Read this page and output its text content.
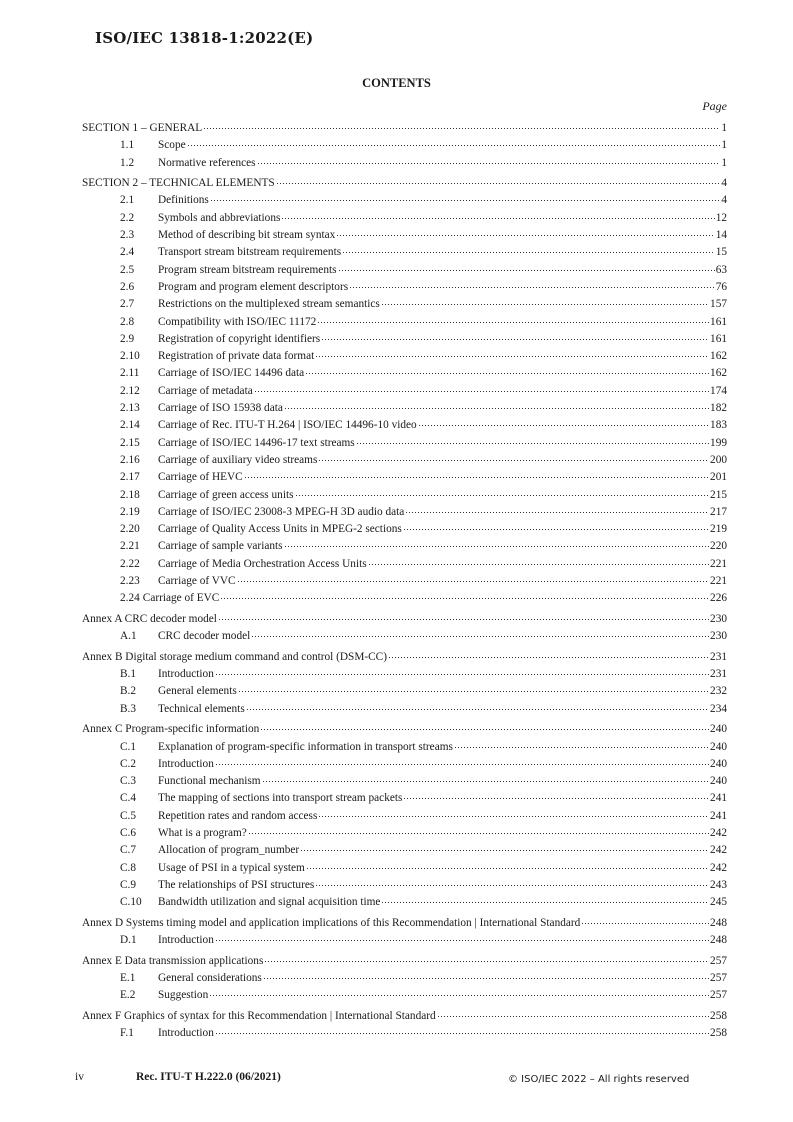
ISO/IEC 13818-1:2022(E)
CONTENTS
Page
SECTION 1 – GENERAL	1
1.1	Scope	1
1.2	Normative references	1
SECTION 2 – TECHNICAL ELEMENTS	4
2.1	Definitions	4
2.2	Symbols and abbreviations	12
2.3	Method of describing bit stream syntax	14
2.4	Transport stream bitstream requirements	15
2.5	Program stream bitstream requirements	63
2.6	Program and program element descriptors	76
2.7	Restrictions on the multiplexed stream semantics	157
2.8	Compatibility with ISO/IEC 11172	161
2.9	Registration of copyright identifiers	161
2.10	Registration of private data format	162
2.11	Carriage of ISO/IEC 14496 data	162
2.12	Carriage of metadata	174
2.13	Carriage of ISO 15938 data	182
2.14	Carriage of Rec. ITU-T H.264 | ISO/IEC 14496-10 video	183
2.15	Carriage of ISO/IEC 14496-17 text streams	199
2.16	Carriage of auxiliary video streams	200
2.17	Carriage of HEVC	201
2.18	Carriage of green access units	215
2.19	Carriage of ISO/IEC 23008-3 MPEG-H 3D audio data	217
2.20	Carriage of Quality Access Units in MPEG-2 sections	219
2.21	Carriage of sample variants	220
2.22	Carriage of Media Orchestration Access Units	221
2.23	Carriage of VVC	221
2.24 Carriage of EVC	226
Annex A CRC decoder model	230
A.1	CRC decoder model	230
Annex B Digital storage medium command and control (DSM-CC)	231
B.1	Introduction	231
B.2	General elements	232
B.3	Technical elements	234
Annex C Program-specific information	240
C.1	Explanation of program-specific information in transport streams	240
C.2	Introduction	240
C.3	Functional mechanism	240
C.4	The mapping of sections into transport stream packets	241
C.5	Repetition rates and random access	241
C.6	What is a program?	242
C.7	Allocation of program_number	242
C.8	Usage of PSI in a typical system	242
C.9	The relationships of PSI structures	243
C.10	Bandwidth utilization and signal acquisition time	245
Annex D Systems timing model and application implications of this Recommendation | International Standard	248
D.1	Introduction	248
Annex E Data transmission applications	257
E.1	General considerations	257
E.2	Suggestion	257
Annex F Graphics of syntax for this Recommendation | International Standard	258
F.1	Introduction	258
iv	Rec. ITU-T H.222.0 (06/2021)	© ISO/IEC 2022 – All rights reserved
